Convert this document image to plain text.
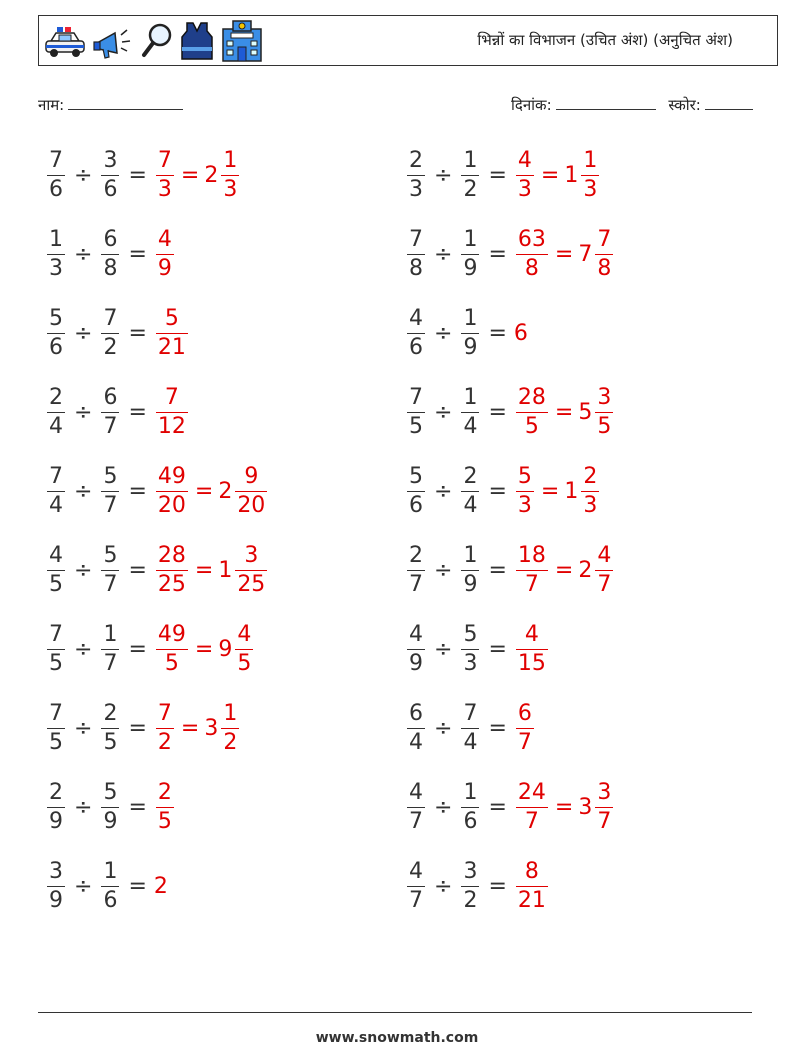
भिन्नों का विभाजन (उचित अंश) (अनुचित अंश)
नाम:	दिनांक:	स्कोर:
$\frac{7}{6} \div \frac{3}{6} = \frac{7}{3} = 2 \frac{1}{3}$	$\frac{2}{3} \div \frac{1}{2} = \frac{4}{3} = 1 \frac{1}{3}$
$\frac{1}{3} \div \frac{6}{8} = \frac{4}{9}$	$\frac{7}{8} \div \frac{1}{9} = \frac{63}{8} = 7 \frac{7}{8}$
$\frac{5}{6} \div \frac{7}{2} = \frac{5}{21}$	$\frac{4}{6} \div \frac{1}{9} = 6$
$\frac{2}{4} \div \frac{6}{7} = \frac{7}{12}$	$\frac{7}{5} \div \frac{1}{4} = \frac{28}{5} = 5 \frac{3}{5}$
$\frac{7}{4} \div \frac{5}{7} = \frac{49}{20} = 2 \frac{9}{20}$	$\frac{5}{6} \div \frac{2}{4} = \frac{5}{3} = 1 \frac{2}{3}$
$\frac{4}{5} \div \frac{5}{7} = \frac{28}{25} = 1 \frac{3}{25}$	$\frac{2}{7} \div \frac{1}{9} = \frac{18}{7} = 2 \frac{4}{7}$
$\frac{7}{5} \div \frac{1}{7} = \frac{49}{5} = 9 \frac{4}{5}$	$\frac{4}{9} \div \frac{5}{3} = \frac{4}{15}$
$\frac{7}{5} \div \frac{2}{5} = \frac{7}{2} = 3 \frac{1}{2}$	$\frac{6}{4} \div \frac{7}{4} = \frac{6}{7}$
$\frac{2}{9} \div \frac{5}{9} = \frac{2}{5}$	$\frac{4}{7} \div \frac{1}{6} = \frac{24}{7} = 3 \frac{3}{7}$
$\frac{3}{9} \div \frac{1}{6} = 2$	$\frac{4}{7} \div \frac{3}{2} = \frac{8}{21}$
www.snowmath.com
